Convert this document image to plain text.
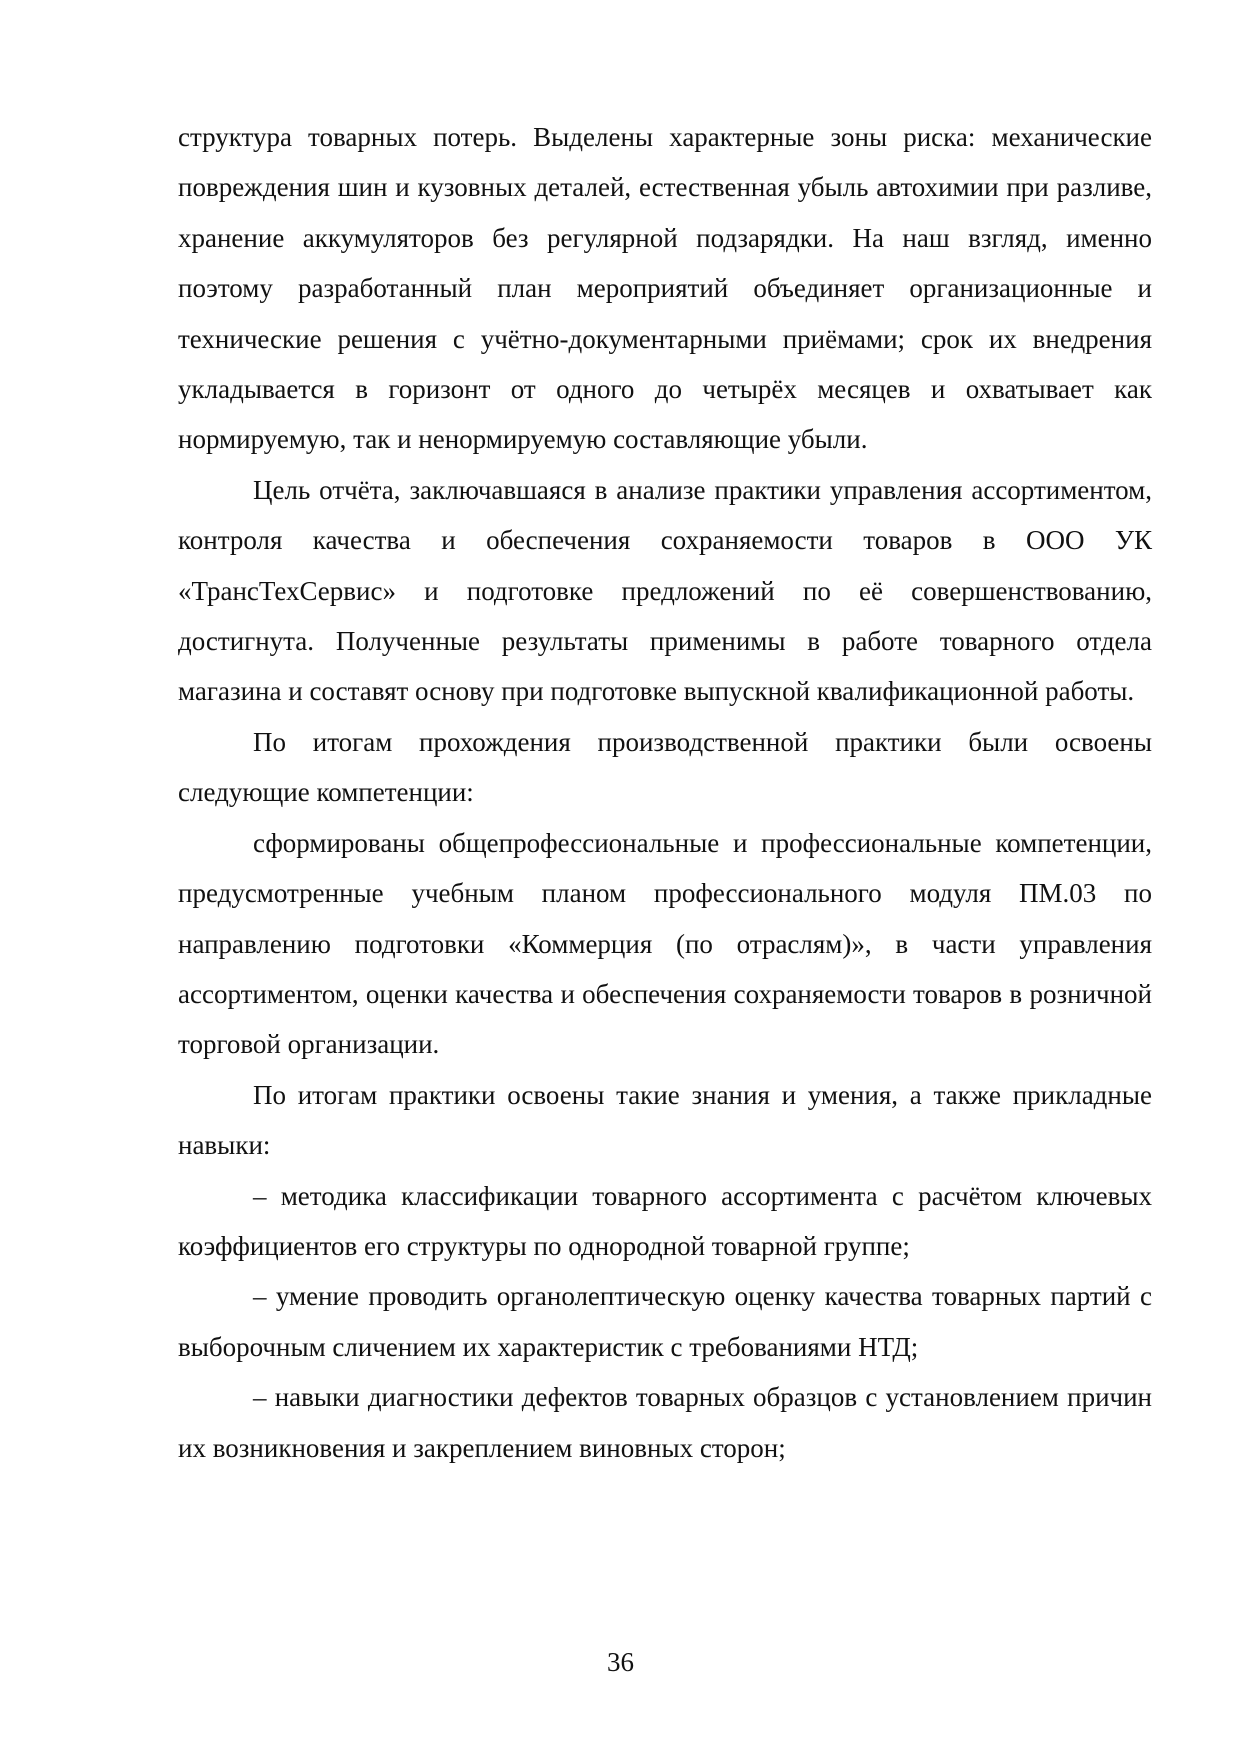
структура товарных потерь. Выделены характерные зоны риска: механические повреждения шин и кузовных деталей, естественная убыль автохимии при разливе, хранение аккумуляторов без регулярной подзарядки. На наш взгляд, именно поэтому разработанный план мероприятий объединяет организационные и технические решения с учётно-документарными приёмами; срок их внедрения укладывается в горизонт от одного до четырёх месяцев и охватывает как нормируемую, так и ненормируемую составляющие убыли.

Цель отчёта, заключавшаяся в анализе практики управления ассортиментом, контроля качества и обеспечения сохраняемости товаров в ООО УК «ТрансТехСервис» и подготовке предложений по её совершенствованию, достигнута. Полученные результаты применимы в работе товарного отдела магазина и составят основу при подготовке выпускной квалификационной работы.

По итогам прохождения производственной практики были освоены следующие компетенции:

сформированы общепрофессиональные и профессиональные компетенции, предусмотренные учебным планом профессионального модуля ПМ.03 по направлению подготовки «Коммерция (по отраслям)», в части управления ассортиментом, оценки качества и обеспечения сохраняемости товаров в розничной торговой организации.

По итогам практики освоены такие знания и умения, а также прикладные навыки:

– методика классификации товарного ассортимента с расчётом ключевых коэффициентов его структуры по однородной товарной группе;

– умение проводить органолептическую оценку качества товарных партий с выборочным сличением их характеристик с требованиями НТД;

– навыки диагностики дефектов товарных образцов с установлением причин их возникновения и закреплением виновных сторон;

36
